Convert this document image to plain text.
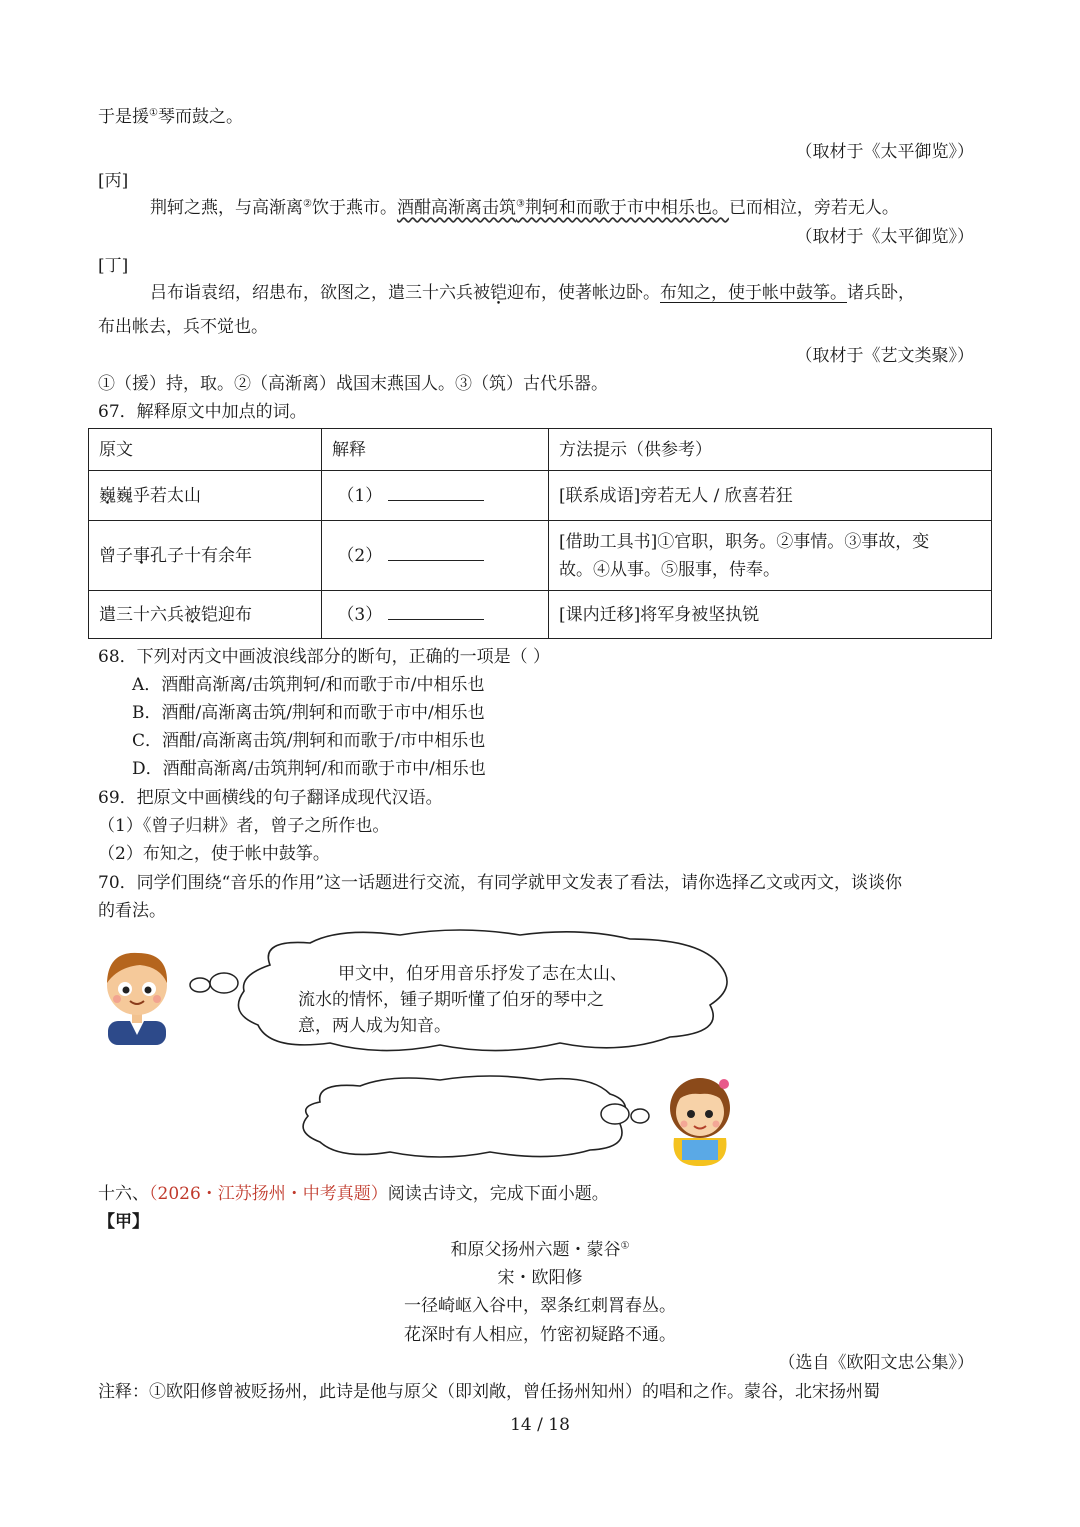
于是援①琴而鼓之。
（取材于《太平御览》）
[丙]
荆轲之燕，与高渐离②饮于燕市。酒酣高渐离击筑③荆轲和而歌于市中相乐也。已而相泣，旁若无人。
（取材于《太平御览》）
[丁]
吕布诣袁绍，绍患布，欲图之，遣三十六兵被铠迎布，使著帐边卧。布知之，使于帐中鼓筝。诸兵卧，
布出帐去，兵不觉也。
（取材于《艺文类聚》）
①（援）持，取。②（高渐离）战国末燕国人。③（筑）古代乐器。
67．解释原文中加点的词。
原文	解释	方法提示（供参考）
巍巍乎若太山	（1）	[联系成语]旁若无人 / 欣喜若狂
曾子事孔子十有余年	（2）	[借助工具书]①官职，职务。②事情。③事故，变
故。④从事。⑤服事，侍奉。

遣三十六兵被铠迎布	（3）	[课内迁移]将军身被坚执锐
68．下列对丙文中画波浪线部分的断句，正确的一项是（ ）
A．酒酣高渐离/击筑荆轲/和而歌于市/中相乐也
B．酒酣/高渐离击筑/荆轲和而歌于市中/相乐也
C．酒酣/高渐离击筑/荆轲和而歌于/市中相乐也
D．酒酣高渐离/击筑荆轲/和而歌于市中/相乐也
69．把原文中画横线的句子翻译成现代汉语。
（1）《曾子归耕》者，曾子之所作也。
（2）布知之，使于帐中鼓筝。
70．同学们围绕“音乐的作用”这一话题进行交流，有同学就甲文发表了看法，请你选择乙文或丙文，谈谈你
的看法。
甲文中，伯牙用音乐抒发了志在太山、
流水的情怀，锺子期听懂了伯牙的琴中之
意，两人成为知音。
十六、（2026・江苏扬州・中考真题）阅读古诗文，完成下面小题。
【甲】
和原父扬州六题・蒙谷①
宋・欧阳修
一径崎岖入谷中，翠条红刺罥春丛。
花深时有人相应，竹密初疑路不通。
（选自《欧阳文忠公集》）
注释：①欧阳修曾被贬扬州，此诗是他与原父（即刘敞，曾任扬州知州）的唱和之作。蒙谷，北宋扬州蜀
14 / 18
